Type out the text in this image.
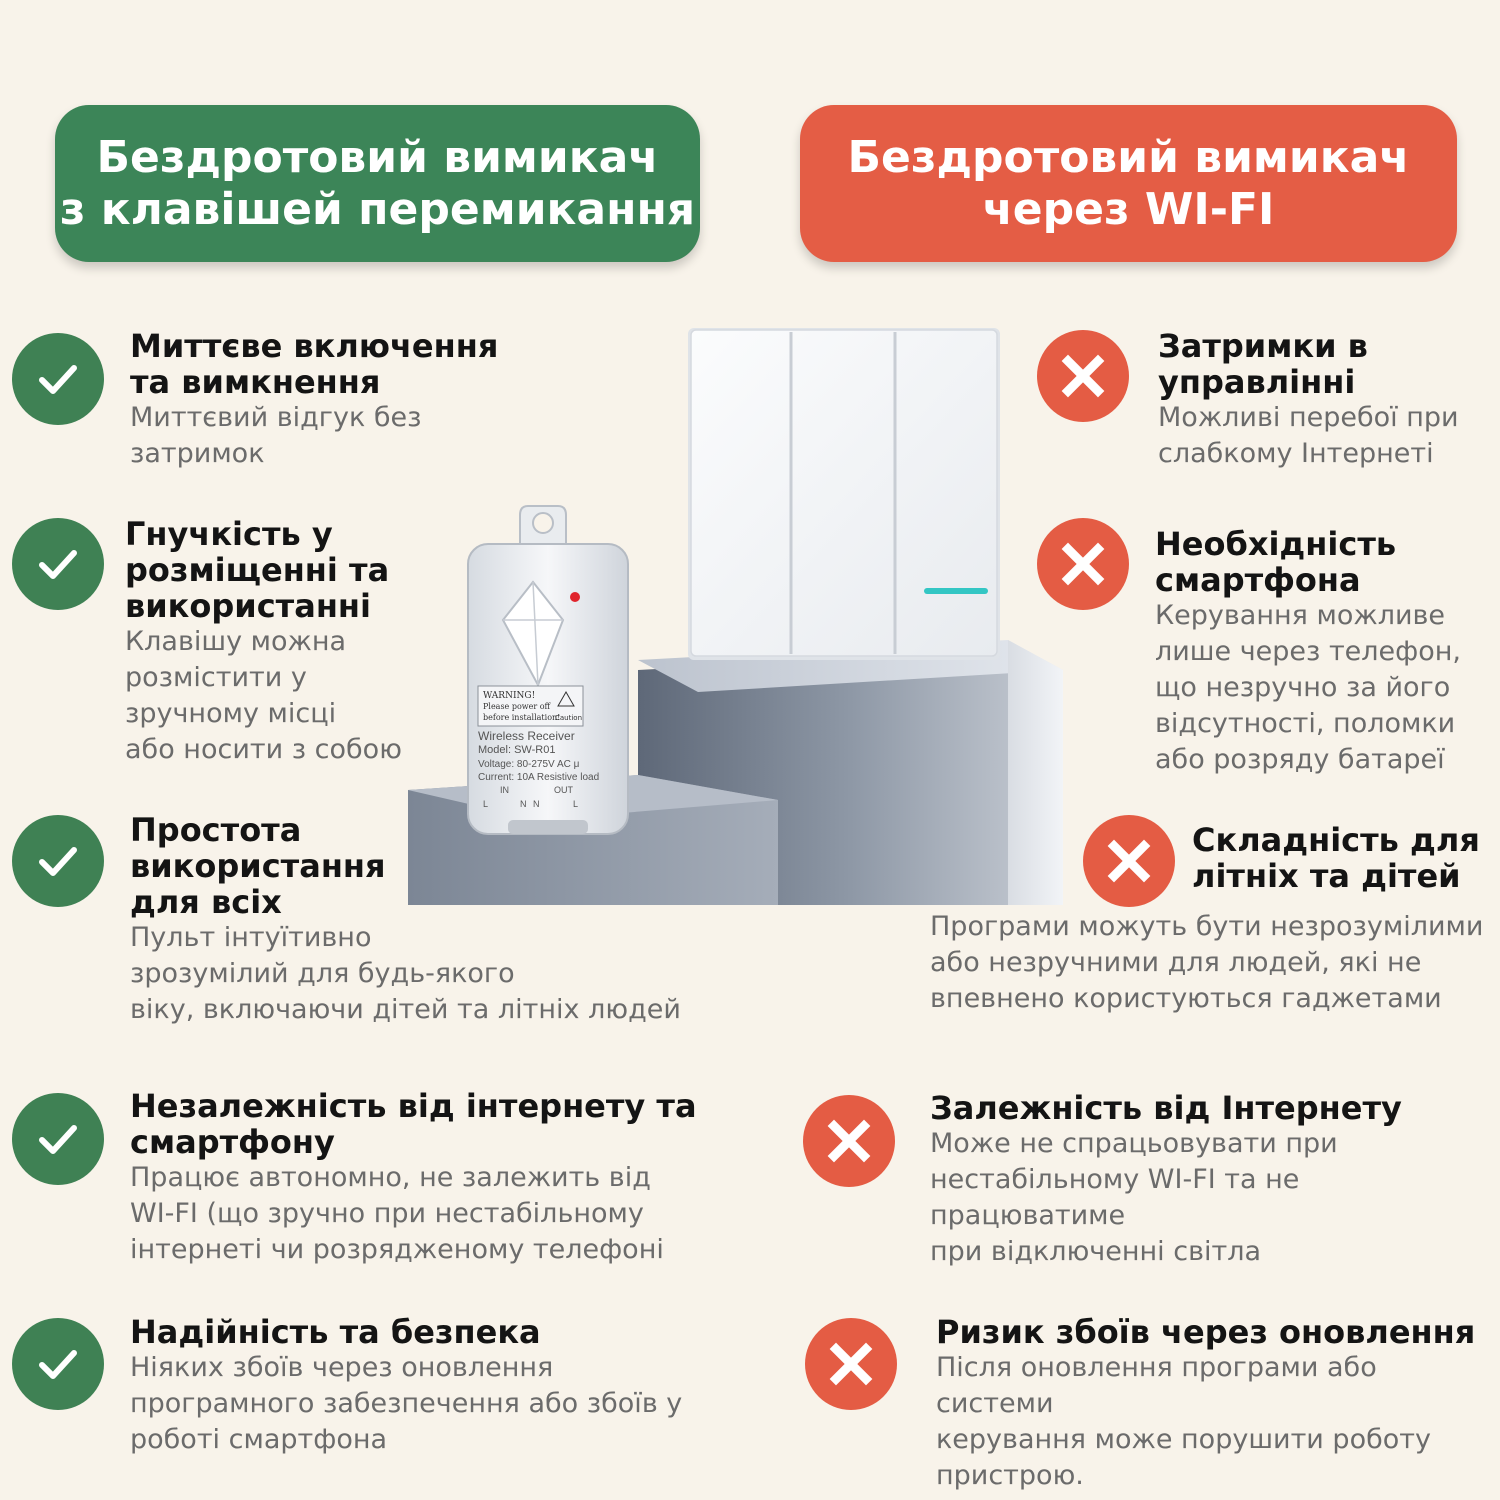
Бездротовий вимикач
з клавішей перемикання
Бездротовий вимикач
через WI-FI
WARNING!
Please power off
before installation!
Caution
Wireless Receiver
Model: SW-R01
Voltage: 80-275V AC μ
Current: 10A Resistive load
IN	OUT
L	N N	L
Миттєве включення
та вимкнення
Миттєвий відгук без
затримок
Гнучкість у
розміщенні та
використанні
Клавішу можна
розмістити у
зручному місці
або носити з собою
Простота
використання
для всіх
Пульт інтуїтивно
зрозумілий для будь-якого
віку, включаючи дітей та літніх людей
Незалежність від інтернету та
смартфону
Працює автономно, не залежить від
WI-FI (що зручно при нестабільному
інтернеті чи розрядженому телефоні
Надійність та безпека
Ніяких збоїв через оновлення
програмного забезпечення або збоїв у
роботі смартфона
Затримки в
управлінні
Можливі перебої при
слабкому Інтернеті
Необхідність
смартфона
Керування можливе
лише через телефон,
що незручно за його
відсутності, поломки
або розряду батареї
Складність для
літніх та дітей
Програми можуть бути незрозумілими
або незручними для людей, які не
впевнено користуються гаджетами
Залежність від Інтернету
Може не спрацьовувати при
нестабільному WI-FI та не працюватиме
при відключенні світла
Ризик збоїв через оновлення
Після оновлення програми або системи
керування може порушити роботу
пристрою.
